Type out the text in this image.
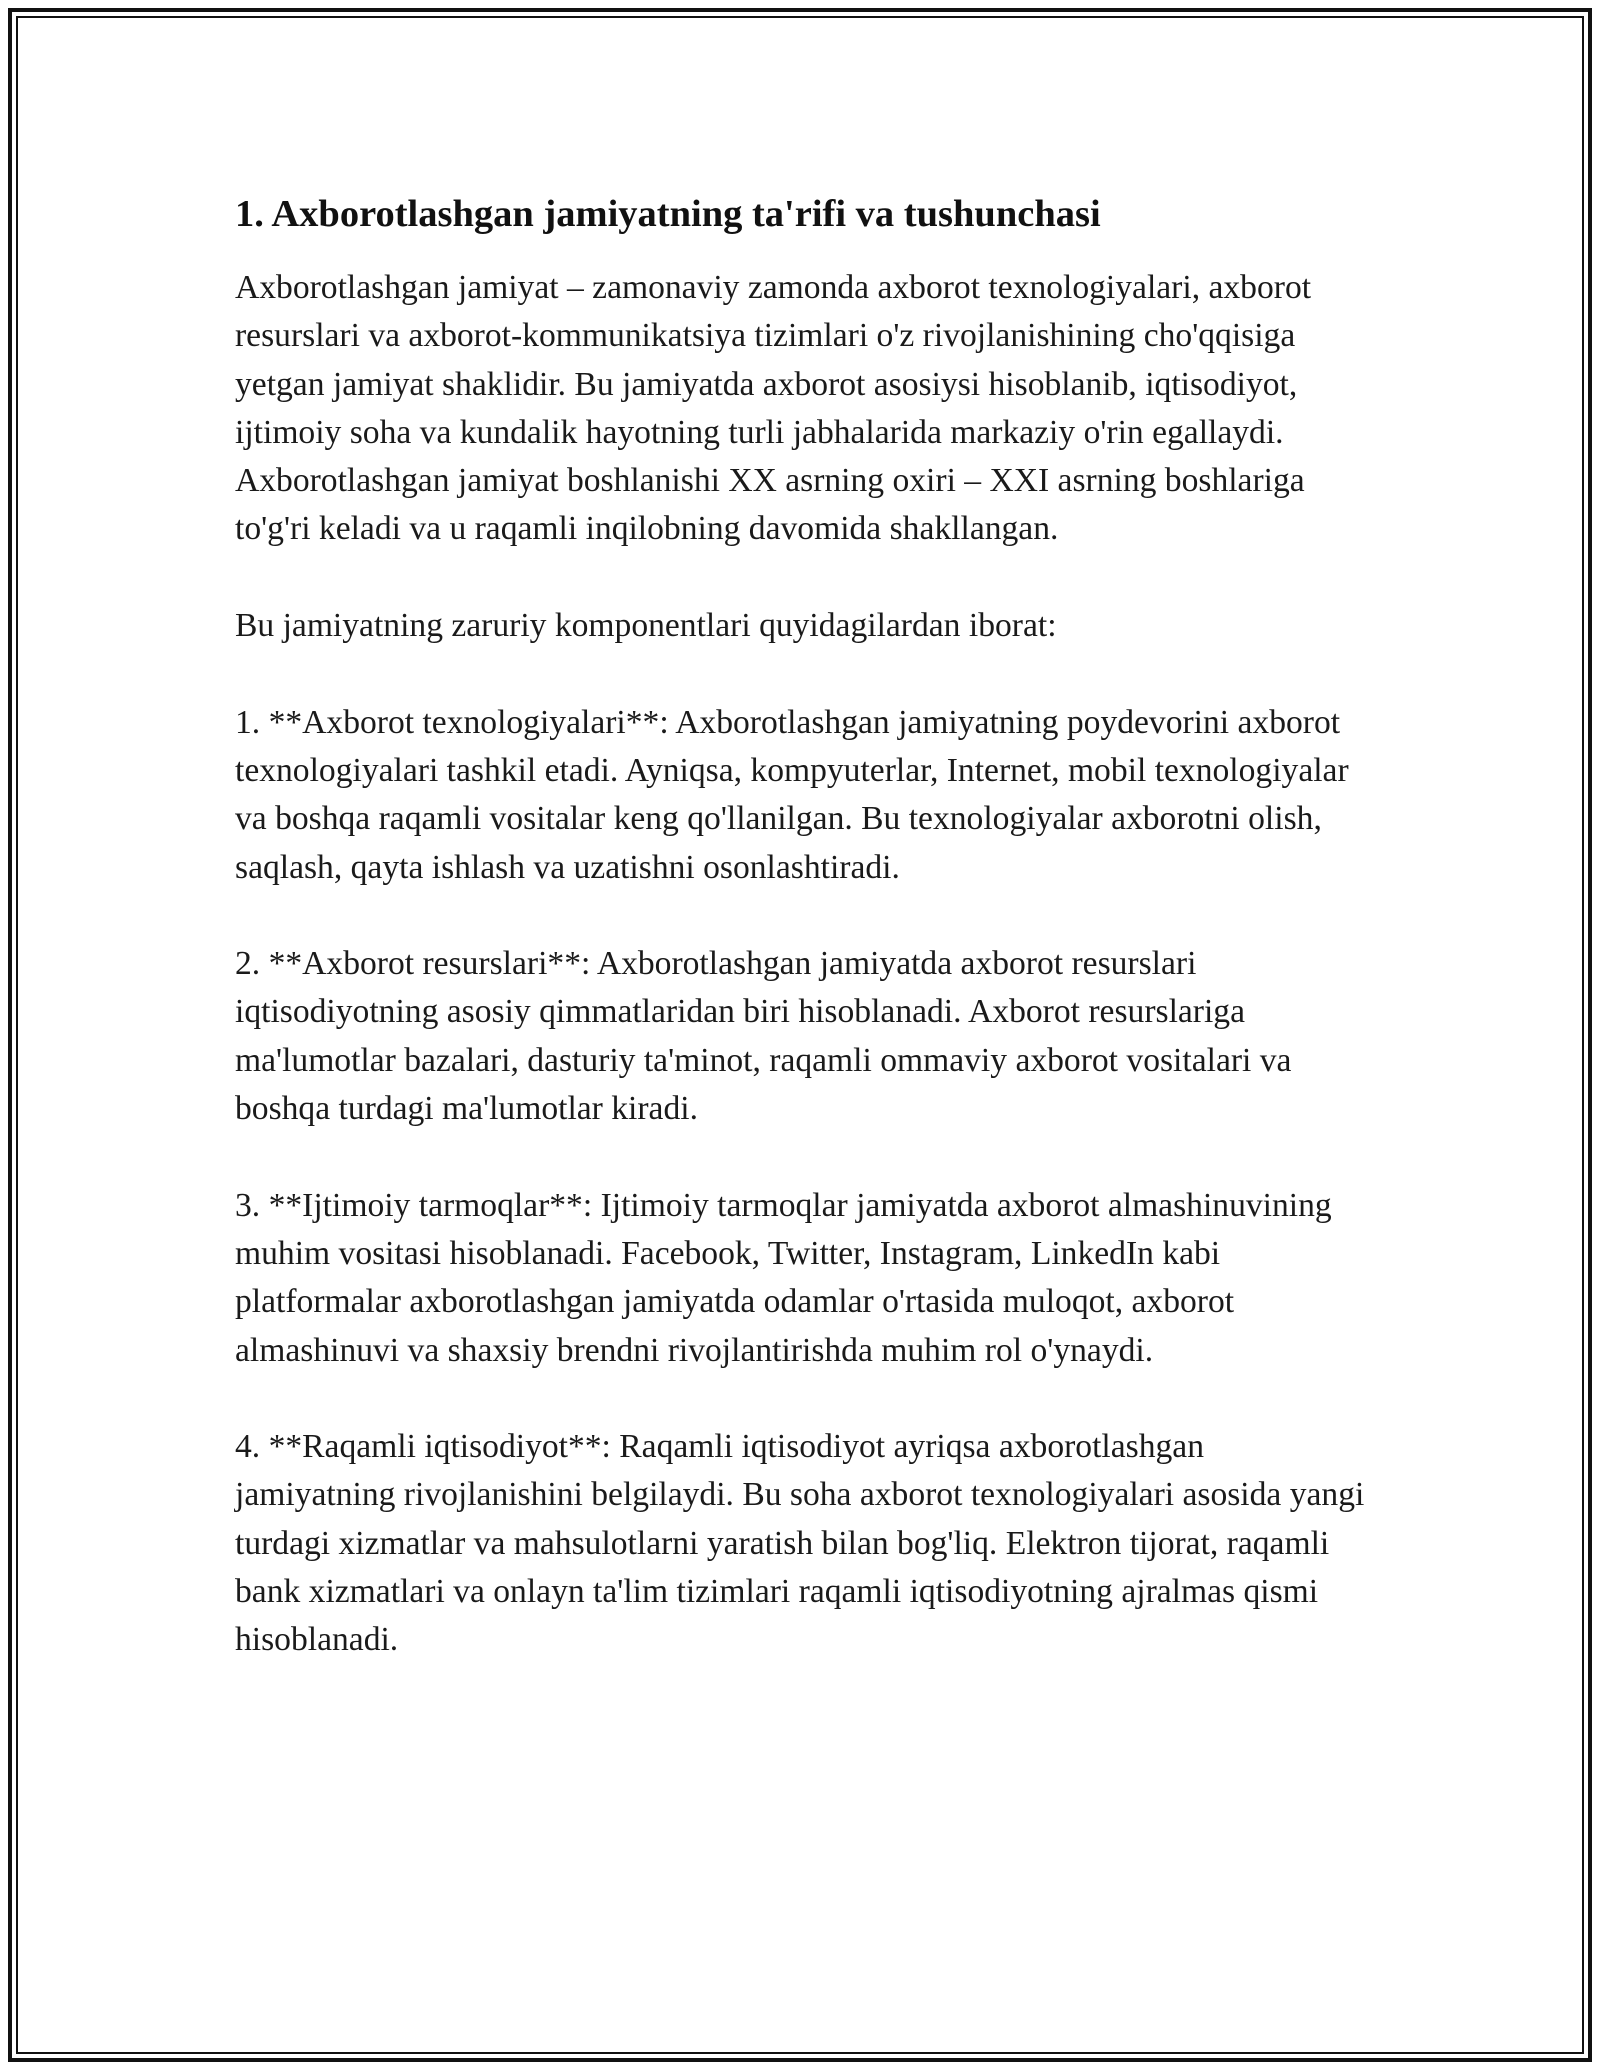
1. Axborotlashgan jamiyatning ta'rifi va tushunchasi

Axborotlashgan jamiyat – zamonaviy zamonda axborot texnologiyalari, axborot resurslari va axborot-kommunikatsiya tizimlari o'z rivojlanishining cho'qqisiga yetgan jamiyat shaklidir. Bu jamiyatda axborot asosiysi hisoblanib, iqtisodiyot, ijtimoiy soha va kundalik hayotning turli jabhalarida markaziy o'rin egallaydi. Axborotlashgan jamiyat boshlanishi XX asrning oxiri – XXI asrning boshlariga to'g'ri keladi va u raqamli inqilobning davomida shakllangan.

Bu jamiyatning zaruriy komponentlari quyidagilardan iborat:

1. **Axborot texnologiyalari**: Axborotlashgan jamiyatning poydevorini axborot texnologiyalari tashkil etadi. Ayniqsa, kompyuterlar, Internet, mobil texnologiyalar va boshqa raqamli vositalar keng qo'llanilgan. Bu texnologiyalar axborotni olish, saqlash, qayta ishlash va uzatishni osonlashtiradi.

2. **Axborot resurslari**: Axborotlashgan jamiyatda axborot resurslari iqtisodiyotning asosiy qimmatlaridan biri hisoblanadi. Axborot resurslariga ma'lumotlar bazalari, dasturiy ta'minot, raqamli ommaviy axborot vositalari va boshqa turdagi ma'lumotlar kiradi.

3. **Ijtimoiy tarmoqlar**: Ijtimoiy tarmoqlar jamiyatda axborot almashinuvining muhim vositasi hisoblanadi. Facebook, Twitter, Instagram, LinkedIn kabi platformalar axborotlashgan jamiyatda odamlar o'rtasida muloqot, axborot almashinuvi va shaxsiy brendni rivojlantirishda muhim rol o'ynaydi.

4. **Raqamli iqtisodiyot**: Raqamli iqtisodiyot ayriqsa axborotlashgan jamiyatning rivojlanishini belgilaydi. Bu soha axborot texnologiyalari asosida yangi turdagi xizmatlar va mahsulotlarni yaratish bilan bog'liq. Elektron tijorat, raqamli bank xizmatlari va onlayn ta'lim tizimlari raqamli iqtisodiyotning ajralmas qismi hisoblanadi.
